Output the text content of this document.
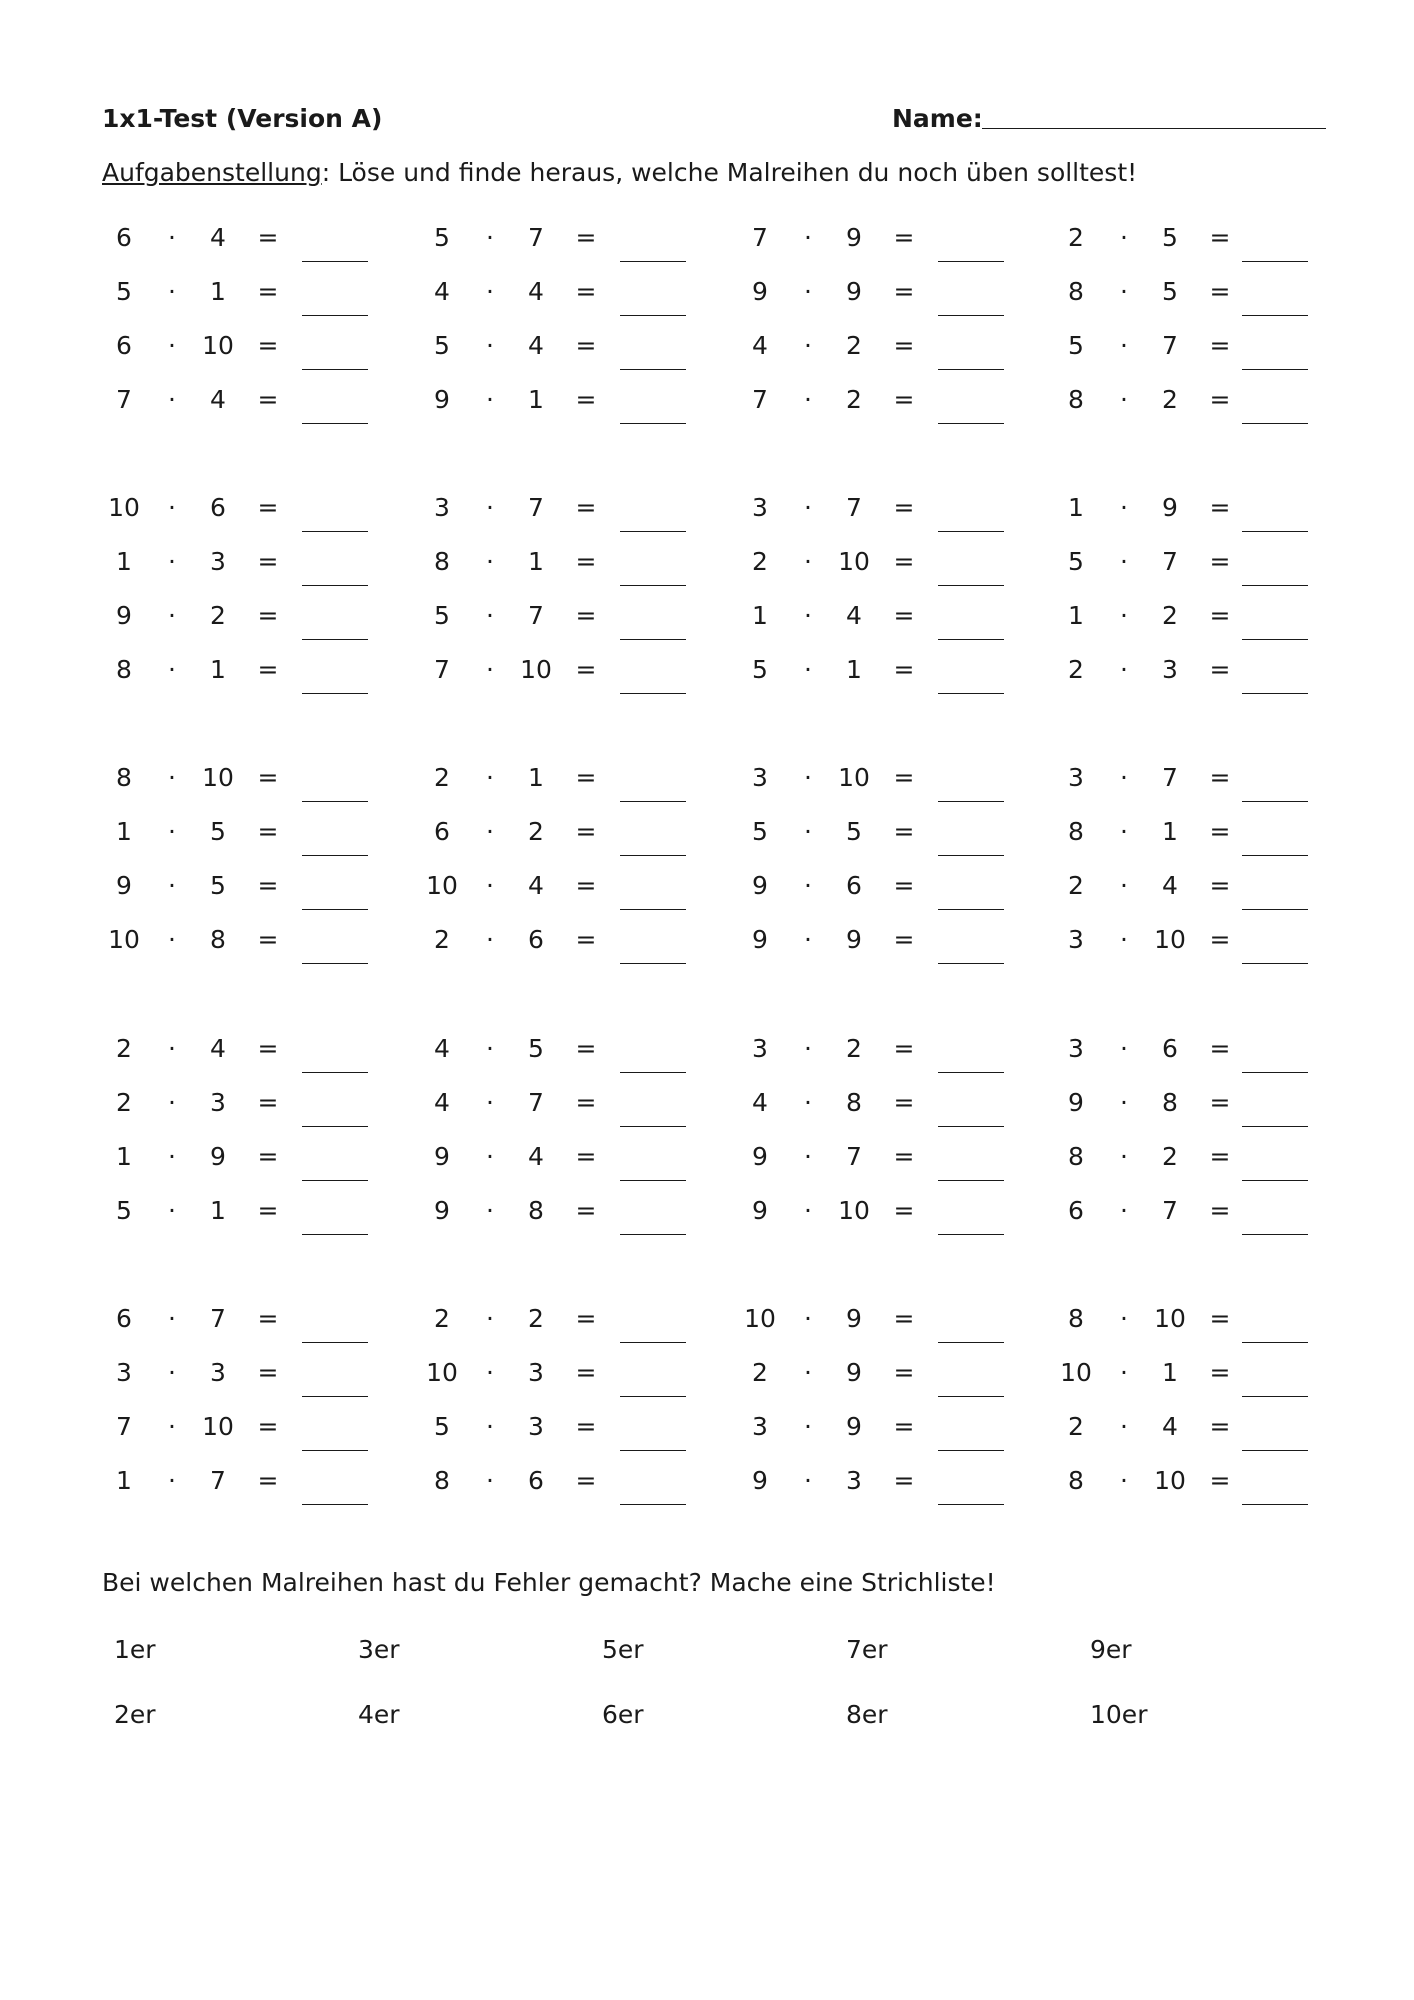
1x1-Test (Version A)	Name:
Aufgabenstellung: Löse und finde heraus, welche Malreihen du noch üben solltest!
6	·	4	=	5	·	7	=	7	·	9	=	2	·	5	=
5	·	1	=	4	·	4	=	9	·	9	=	8	·	5	=
6	· 10 =	5	·	4	=	4	·	2	=	5	·	7	=
7	·	4	=	9	·	1	=	7	·	2	=	8	·	2	=
10 ·	6	=	3	·	7	=	3	·	7	=	1	·	9	=
1	·	3	=	8	·	1	=	2	· 10 =	5	·	7	=
9	·	2	=	5	·	7	=	1	·	4	=	1	·	2	=
8	·	1	=	7	· 10 =	5	·	1	=	2	·	3	=
8	· 10 =	2	·	1	=	3	· 10 =	3	·	7	=
1	·	5	=	6	·	2	=	5	·	5	=	8	·	1	=
9	·	5	=	10 ·	4	=	9	·	6	=	2	·	4	=
10 ·	8	=	2	·	6	=	9	·	9	=	3	· 10 =
2	·	4	=	4	·	5	=	3	·	2	=	3	·	6	=
2	·	3	=	4	·	7	=	4	·	8	=	9	·	8	=
1	·	9	=	9	·	4	=	9	·	7	=	8	·	2	=
5	·	1	=	9	·	8	=	9	· 10 =	6	·	7	=
6	·	7	=	2	·	2	=	10 ·	9	=	8	· 10 =
3	·	3	=	10 ·	3	=	2	·	9	=	10 ·	1	=
7	· 10 =	5	·	3	=	3	·	9	=	2	·	4	=
1	·	7	=	8	·	6	=	9	·	3	=	8	· 10 =
Bei welchen Malreihen hast du Fehler gemacht? Mache eine Strichliste!
1er	3er	5er	7er	9er
2er	4er	6er	8er	10er
